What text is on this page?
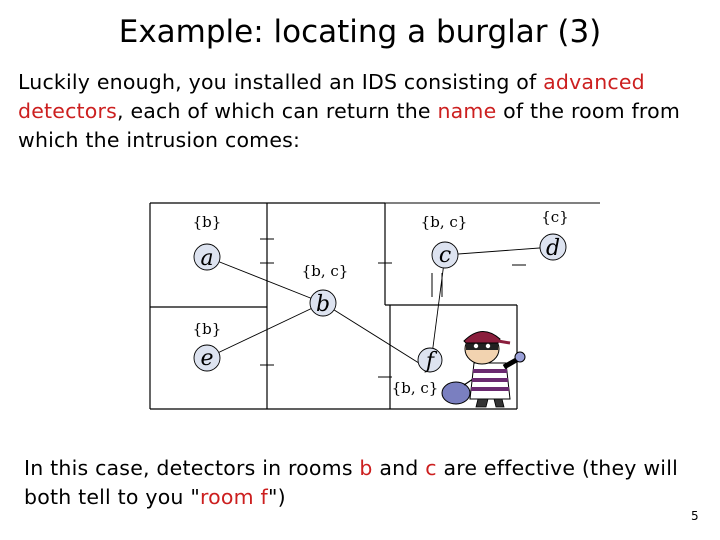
Example: locating a burglar (3)
Luckily enough, you installed an IDS consisting of advanced detectors, each of which can return the name of the room from which the intrusion comes:
a
{b}
b
{b, c}
c
{b, c}
d
{c}
e
{b}
f
{b, c}
In this case, detectors in rooms b and c are effective (they will both tell to you "room f")
5
